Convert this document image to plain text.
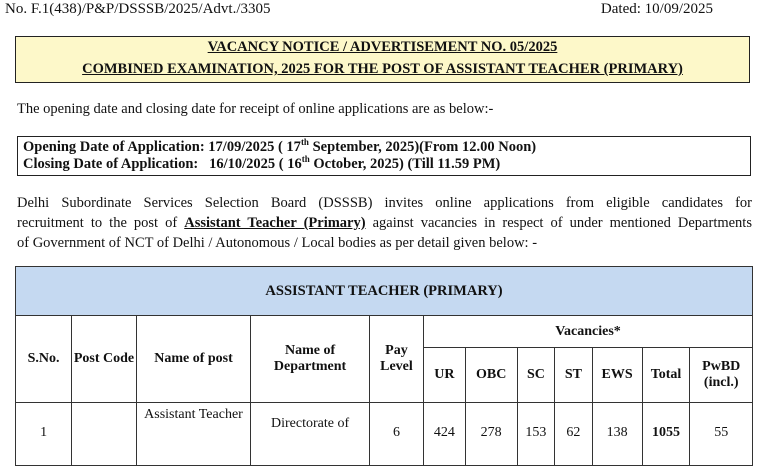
No. F.1(438)/P&P/DSSSB/2025/Advt./3305	Dated: 10/09/2025
VACANCY NOTICE / ADVERTISEMENT NO. 05/2025
COMBINED EXAMINATION, 2025 FOR THE POST OF ASSISTANT TEACHER (PRIMARY)
The opening date and closing date for receipt of online applications are as below:-
Opening Date of Application: 17/09/2025 ( 17th September, 2025)(From 12.00 Noon)
Closing Date of Application: 16/10/2025 ( 16th October, 2025) (Till 11.59 PM)
Delhi Subordinate Services Selection Board (DSSSB) invites online applications from eligible candidates for
recruitment to the post of Assistant Teacher (Primary) against vacancies in respect of under mentioned Departments
of Government of NCT of Delhi / Autonomous / Local bodies as per detail given below: -
ASSISTANT TEACHER (PRIMARY)											
S.No.	Post Code	Name of post	Name of Department	Pay Level	Vacancies*						
					UR	OBC	SC	ST	EWS	Total	PwBD (incl.)
1		Assistant Teacher	Directorate of	6	424	278	153	62	138	1055	55
